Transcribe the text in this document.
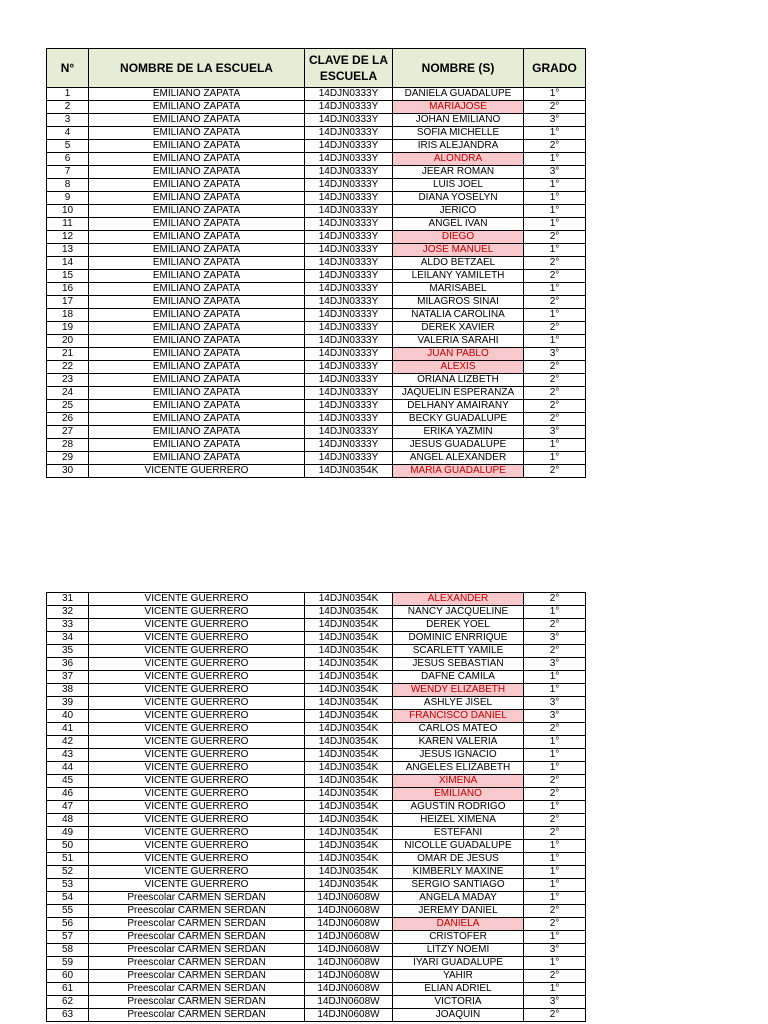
N°	NOMBRE DE LA ESCUELA	CLAVE DE LA ESCUELA	NOMBRE (S)	GRADO
1	EMILIANO ZAPATA	14DJN0333Y	DANIELA GUADALUPE	1°
2	EMILIANO ZAPATA	14DJN0333Y	MARIAJOSE	2°
3	EMILIANO ZAPATA	14DJN0333Y	JOHAN EMILIANO	3°
4	EMILIANO ZAPATA	14DJN0333Y	SOFIA MICHELLE	1°
5	EMILIANO ZAPATA	14DJN0333Y	IRIS ALEJANDRA	2°
6	EMILIANO ZAPATA	14DJN0333Y	ALONDRA	1°
7	EMILIANO ZAPATA	14DJN0333Y	JEEAR ROMAN	3°
8	EMILIANO ZAPATA	14DJN0333Y	LUIS JOEL	1°
9	EMILIANO ZAPATA	14DJN0333Y	DIANA YOSELYN	1°
10	EMILIANO ZAPATA	14DJN0333Y	JERICO	1°
11	EMILIANO ZAPATA	14DJN0333Y	ANGEL IVAN	1°
12	EMILIANO ZAPATA	14DJN0333Y	DIEGO	2°
13	EMILIANO ZAPATA	14DJN0333Y	JOSE MANUEL	1°
14	EMILIANO ZAPATA	14DJN0333Y	ALDO BETZAEL	2°
15	EMILIANO ZAPATA	14DJN0333Y	LEILANY YAMILETH	2°
16	EMILIANO ZAPATA	14DJN0333Y	MARISABEL	1°
17	EMILIANO ZAPATA	14DJN0333Y	MILAGROS SINAI	2°
18	EMILIANO ZAPATA	14DJN0333Y	NATALIA CAROLINA	1°
19	EMILIANO ZAPATA	14DJN0333Y	DEREK XAVIER	2°
20	EMILIANO ZAPATA	14DJN0333Y	VALERIA SARAHI	1°
21	EMILIANO ZAPATA	14DJN0333Y	JUAN PABLO	3°
22	EMILIANO ZAPATA	14DJN0333Y	ALEXIS	2°
23	EMILIANO ZAPATA	14DJN0333Y	ORIANA LIZBETH	2°
24	EMILIANO ZAPATA	14DJN0333Y	JAQUELIN ESPERANZA	2°
25	EMILIANO ZAPATA	14DJN0333Y	DELHANY AMAIRANY	2°
26	EMILIANO ZAPATA	14DJN0333Y	BECKY GUADALUPE	2°
27	EMILIANO ZAPATA	14DJN0333Y	ERIKA YAZMIN	3°
28	EMILIANO ZAPATA	14DJN0333Y	JESUS GUADALUPE	1°
29	EMILIANO ZAPATA	14DJN0333Y	ANGEL ALEXANDER	1°
30	VICENTE GUERRERO	14DJN0354K	MARIA GUADALUPE	2°
31	VICENTE GUERRERO	14DJN0354K	ALEXANDER	2°
32	VICENTE GUERRERO	14DJN0354K	NANCY JACQUELINE	1°
33	VICENTE GUERRERO	14DJN0354K	DEREK YOEL	2°
34	VICENTE GUERRERO	14DJN0354K	DOMINIC ENRRIQUE	3°
35	VICENTE GUERRERO	14DJN0354K	SCARLETT YAMILE	2°
36	VICENTE GUERRERO	14DJN0354K	JESUS SEBASTIAN	3°
37	VICENTE GUERRERO	14DJN0354K	DAFNE CAMILA	1°
38	VICENTE GUERRERO	14DJN0354K	WENDY ELIZABETH	1°
39	VICENTE GUERRERO	14DJN0354K	ASHLYE JISEL	3°
40	VICENTE GUERRERO	14DJN0354K	FRANCISCO DANIEL	3°
41	VICENTE GUERRERO	14DJN0354K	CARLOS MATEO	2°
42	VICENTE GUERRERO	14DJN0354K	KAREN VALERIA	1°
43	VICENTE GUERRERO	14DJN0354K	JESUS IGNACIO	1°
44	VICENTE GUERRERO	14DJN0354K	ANGELES ELIZABETH	1°
45	VICENTE GUERRERO	14DJN0354K	XIMENA	2°
46	VICENTE GUERRERO	14DJN0354K	EMILIANO	2°
47	VICENTE GUERRERO	14DJN0354K	AGUSTIN RODRIGO	1°
48	VICENTE GUERRERO	14DJN0354K	HEIZEL XIMENA	2°
49	VICENTE GUERRERO	14DJN0354K	ESTEFANI	2°
50	VICENTE GUERRERO	14DJN0354K	NICOLLE GUADALUPE	1°
51	VICENTE GUERRERO	14DJN0354K	OMAR DE JESUS	1°
52	VICENTE GUERRERO	14DJN0354K	KIMBERLY MAXINE	1°
53	VICENTE GUERRERO	14DJN0354K	SERGIO SANTIAGO	1°
54	Preescolar CARMEN SERDAN	14DJN0608W	ANGELA MADAY	1°
55	Preescolar CARMEN SERDAN	14DJN0608W	JEREMY DANIEL	2°
56	Preescolar CARMEN SERDAN	14DJN0608W	DANIELA	2°
57	Preescolar CARMEN SERDAN	14DJN0608W	CRISTOFER	1°
58	Preescolar CARMEN SERDAN	14DJN0608W	LITZY NOEMI	3°
59	Preescolar CARMEN SERDAN	14DJN0608W	IYARI GUADALUPE	1°
60	Preescolar CARMEN SERDAN	14DJN0608W	YAHIR	2°
61	Preescolar CARMEN SERDAN	14DJN0608W	ELIAN ADRIEL	1°
62	Preescolar CARMEN SERDAN	14DJN0608W	VICTORIA	3°
63	Preescolar CARMEN SERDAN	14DJN0608W	JOAQUIN	2°
